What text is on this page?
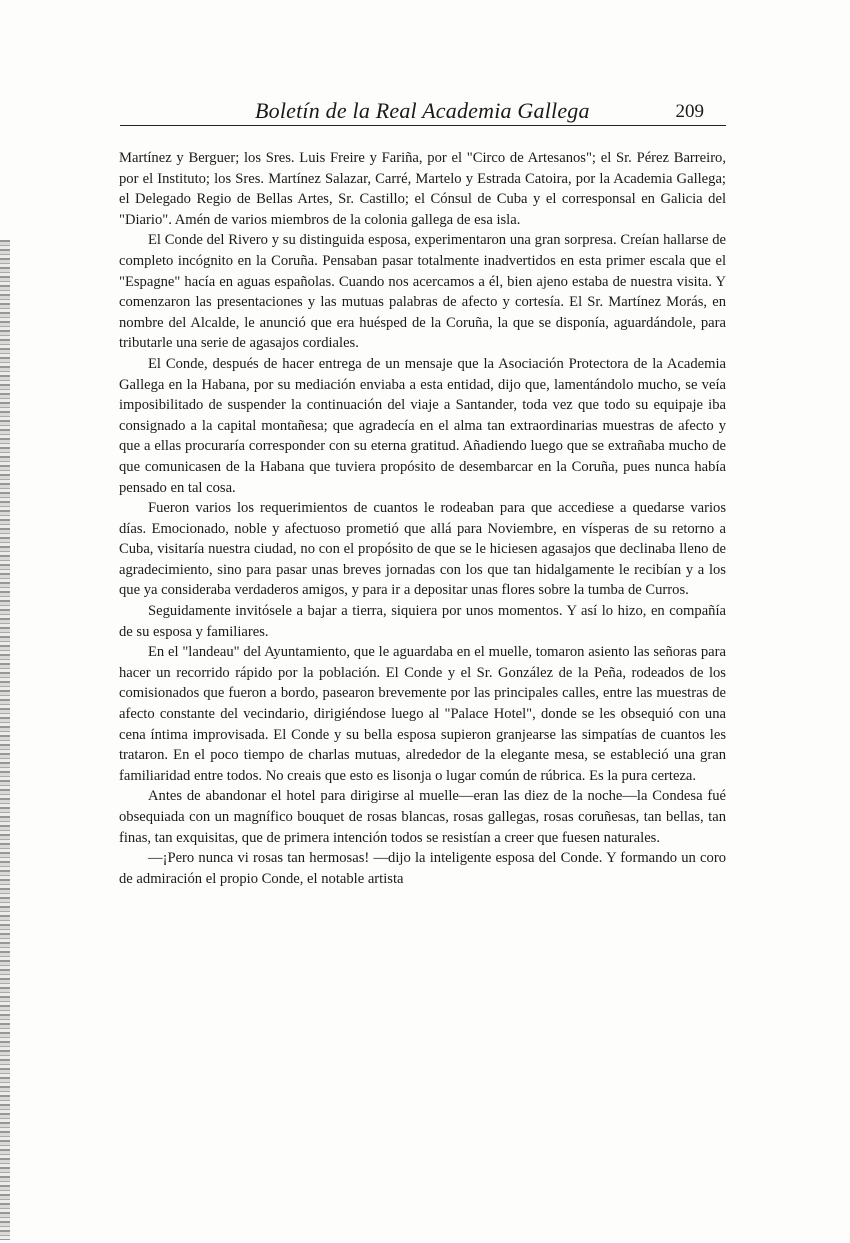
Boletín de la Real Academia Gallega	209

Martínez y Berguer; los Sres. Luis Freire y Fariña, por el "Circo de Artesanos"; el Sr. Pérez Barreiro, por el Instituto; los Sres. Martínez Salazar, Carré, Martelo y Estrada Catoira, por la Academia Gallega; el Delegado Regio de Bellas Artes, Sr. Castillo; el Cónsul de Cuba y el corresponsal en Galicia del "Diario". Amén de varios miembros de la colonia gallega de esa isla.

El Conde del Rivero y su distinguida esposa, experimentaron una gran sorpresa. Creían hallarse de completo incógnito en la Coruña. Pensaban pasar totalmente inadvertidos en esta primer escala que el "Espagne" hacía en aguas españolas. Cuando nos acercamos a él, bien ajeno estaba de nuestra visita. Y comenzaron las presentaciones y las mutuas palabras de afecto y cortesía. El Sr. Martínez Morás, en nombre del Alcalde, le anunció que era huésped de la Coruña, la que se disponía, aguardándole, para tributarle una serie de agasajos cordiales.

El Conde, después de hacer entrega de un mensaje que la Asociación Protectora de la Academia Gallega en la Habana, por su mediación enviaba a esta entidad, dijo que, lamentándolo mucho, se veía imposibilitado de suspender la continuación del viaje a Santander, toda vez que todo su equipaje iba consignado a la capital montañesa; que agradecía en el alma tan extraordinarias muestras de afecto y que a ellas procuraría corresponder con su eterna gratitud. Añadiendo luego que se extrañaba mucho de que comunicasen de la Habana que tuviera propósito de desembarcar en la Coruña, pues nunca había pensado en tal cosa.

Fueron varios los requerimientos de cuantos le rodeaban para que accediese a quedarse varios días. Emocionado, noble y afectuoso prometió que allá para Noviembre, en vísperas de su retorno a Cuba, visitaría nuestra ciudad, no con el propósito de que se le hiciesen agasajos que declinaba lleno de agradecimiento, sino para pasar unas breves jornadas con los que tan hidalgamente le recibían y a los que ya consideraba verdaderos amigos, y para ir a depositar unas flores sobre la tumba de Curros.

Seguidamente invitósele a bajar a tierra, siquiera por unos momentos. Y así lo hizo, en compañía de su esposa y familiares.

En el "landeau" del Ayuntamiento, que le aguardaba en el muelle, tomaron asiento las señoras para hacer un recorrido rápido por la población. El Conde y el Sr. González de la Peña, rodeados de los comisionados que fueron a bordo, pasearon brevemente por las principales calles, entre las muestras de afecto constante del vecindario, dirigiéndose luego al "Palace Hotel", donde se les obsequió con una cena íntima improvisada. El Conde y su bella esposa supieron granjearse las simpatías de cuantos les trataron. En el poco tiempo de charlas mutuas, alrededor de la elegante mesa, se estableció una gran familiaridad entre todos. No creais que esto es lisonja o lugar común de rúbrica. Es la pura certeza.

Antes de abandonar el hotel para dirigirse al muelle—eran las diez de la noche—la Condesa fué obsequiada con un magnífico bouquet de rosas blancas, rosas gallegas, rosas coruñesas, tan bellas, tan finas, tan exquisitas, que de primera intención todos se resistían a creer que fuesen naturales.

—¡Pero nunca vi rosas tan hermosas! —dijo la inteligente esposa del Conde. Y formando un coro de admiración el propio Conde, el notable artista
